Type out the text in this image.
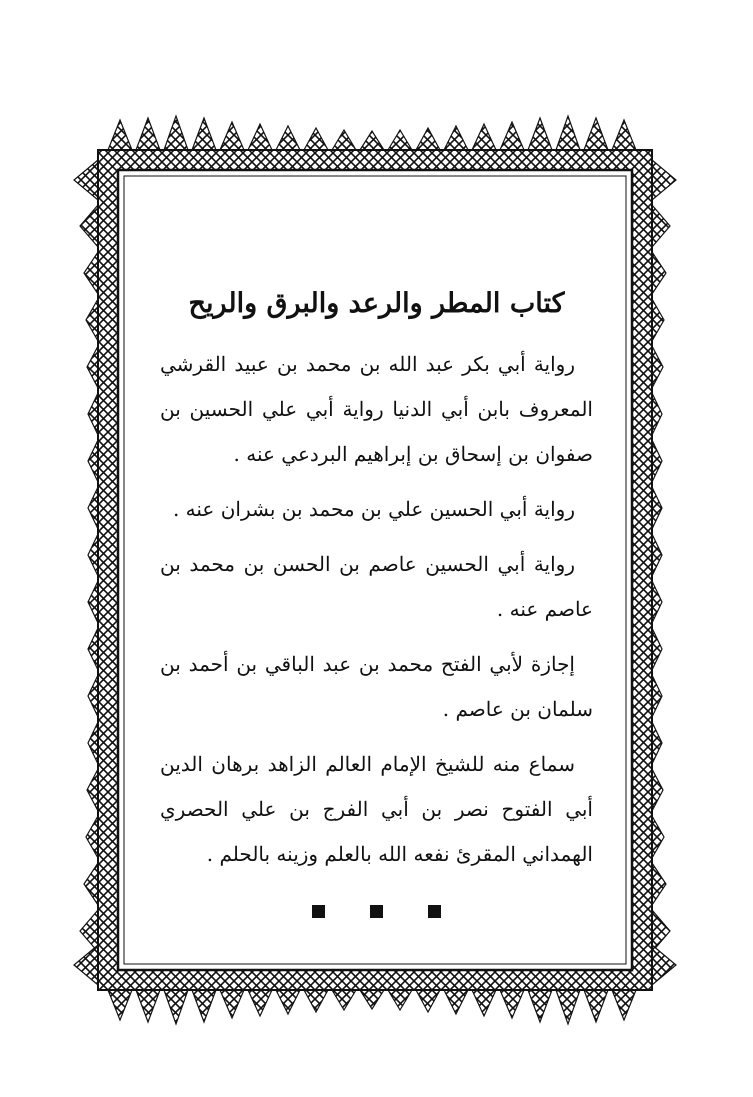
كتاب المطر والرعد والبرق والريح

رواية أبي بكر عبد الله بن محمد بن عبيد القرشي المعروف بابن أبي الدنيا رواية أبي علي الحسين بن صفوان بن إسحاق بن إبراهيم البردعي عنه .

رواية أبي الحسين علي بن محمد بن بشران عنه .

رواية أبي الحسين عاصم بن الحسن بن محمد بن عاصم عنه .

إجازة لأبي الفتح محمد بن عبد الباقي بن أحمد بن سلمان بن عاصم .

سماع منه للشيخ الإمام العالم الزاهد برهان الدين أبي الفتوح نصر بن أبي الفرج بن علي الحصري الهمداني المقرئ نفعه الله بالعلم وزينه بالحلم .
